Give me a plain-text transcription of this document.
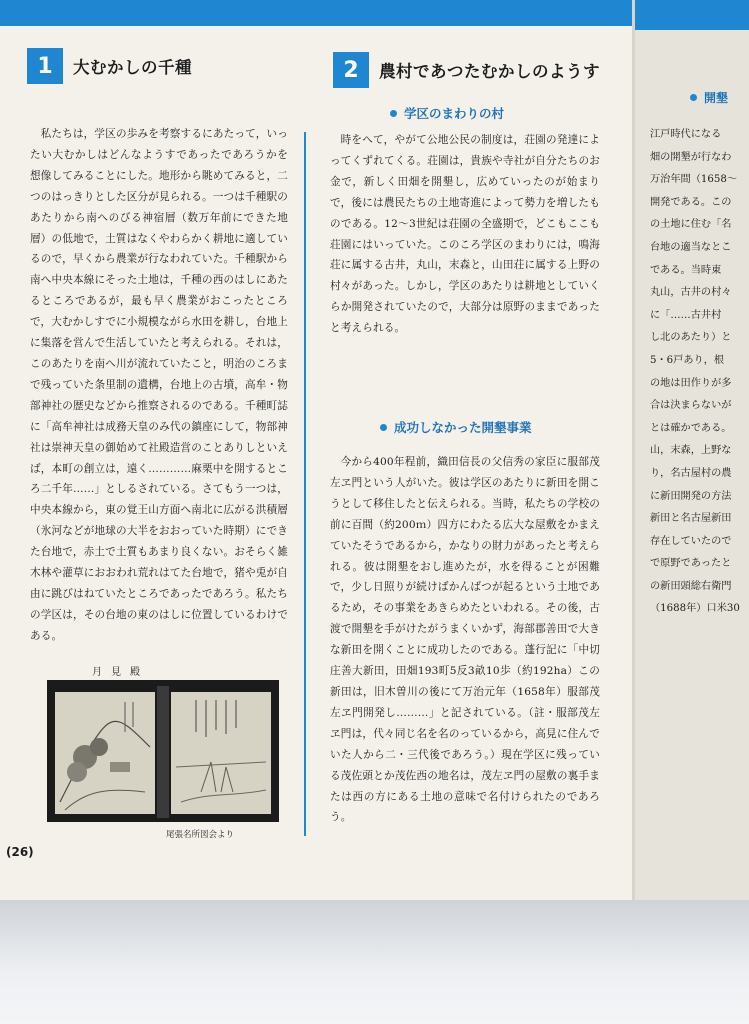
1	大むかしの千種

私たちは，学区の歩みを考察するにあたって，いったい大むかしはどんなようすであったであろうかを想像してみることにした。地形から眺めてみると，二つのはっきりとした区分が見られる。一つは千種駅のあたりから南へのびる神宿層（数万年前にできた地層）の低地で，土質はなくやわらかく耕地に適しているので，早くから農業が行なわれていた。千種駅から南へ中央本線にそった土地は，千種の西のはしにあたるところであるが，最も早く農業がおこったところで，大むかしすでに小規模ながら水田を耕し，台地上に集落を営んで生活していたと考えられる。それは，このあたりを南へ川が流れていたこと，明治のころまで残っていた条里制の遺構，台地上の古墳，高牟・物部神社の歴史などから推察されるのである。千種町誌に「高牟神社は成務天皇のみ代の鎮座にして，物部神社は崇神天皇の御始めて社殿造営のことありしといえば，本町の創立は，遠く…………麻栗中を開するところ二千年……」としるされている。さてもう一つは，中央本線から，東の覚王山方面へ南北に広がる洪積層（氷河などが地球の大半をおおっていた時期）にできた台地で，赤土で土質もあまり良くない。おそらく雑木林や灌草におおわれ荒れはてた台地で，猪や兎が自由に跳びはねていたところであったであろう。私たちの学区は，その台地の東のはしに位置しているわけである。

月見殿
尾張名所図会より
(26)
2	農村であつたむかしのようす
学区のまわりの村

時をへて，やがて公地公民の制度は，荘園の発達によってくずれてくる。荘園は，貴族や寺社が自分たちのお金で，新しく田畑を開墾し，広めていったのが始まりで，後には農民たちの土地寄進によって勢力を増したものである。12～3世紀は荘園の全盛期で，どこもここも荘園にはいっていた。このころ学区のまわりには，鳴海荘に属する古井，丸山，末森と，山田荘に属する上野の村々があった。しかし，学区のあたりは耕地としていくらか開発されていたので，大部分は原野のままであったと考えられる。

成功しなかった開墾事業

今から400年程前，織田信長の父信秀の家臣に服部茂左ヱ門という人がいた。彼は学区のあたりに新田を開こうとして移住したと伝えられる。当時，私たちの学校の前に百間（約200ｍ）四方にわたる広大な屋敷をかまえていたそうであるから，かなりの財力があったと考えられる。彼は開墾をおし進めたが，水を得ることが困難で，少し日照りが続けばかんばつが起るという土地であるため，その事業をあきらめたといわれる。その後，古渡で開墾を手がけたがうまくいかず，海部郡善田で大きな新田を開くことに成功したのである。蓬行記に「中切庄善大新田，田畑193町5反3畝10歩（約192ha）この新田は，旧木曽川の後にて万治元年（1658年）服部茂左ヱ門開発し………」と記されている。（註・服部茂左ヱ門は，代々同じ名を名のっているから，高見に住んでいた人から二・三代後であろう。）現在学区に残っている茂佐頭とか茂佐西の地名は，茂左ヱ門の屋敷の裏手または西の方にある土地の意味で名付けられたのであろう。

開墾
江戸時代になる
畑の開墾が行なわ
万治年間（1658～
開発である。この
の土地に住む「名
台地の適当なとこ
である。当時東
丸山，古井の村々
に「……古井村
し北のあたり）と
5・6戸あり，根
の地は田作りが多
合は決まらないが
とは確かである。
山，末森，上野な
り，名古屋村の農
に新田開発の方法
新田と名古屋新田
存在していたので
で原野であったと
の新田頭総右衛門
（1688年）口米30
